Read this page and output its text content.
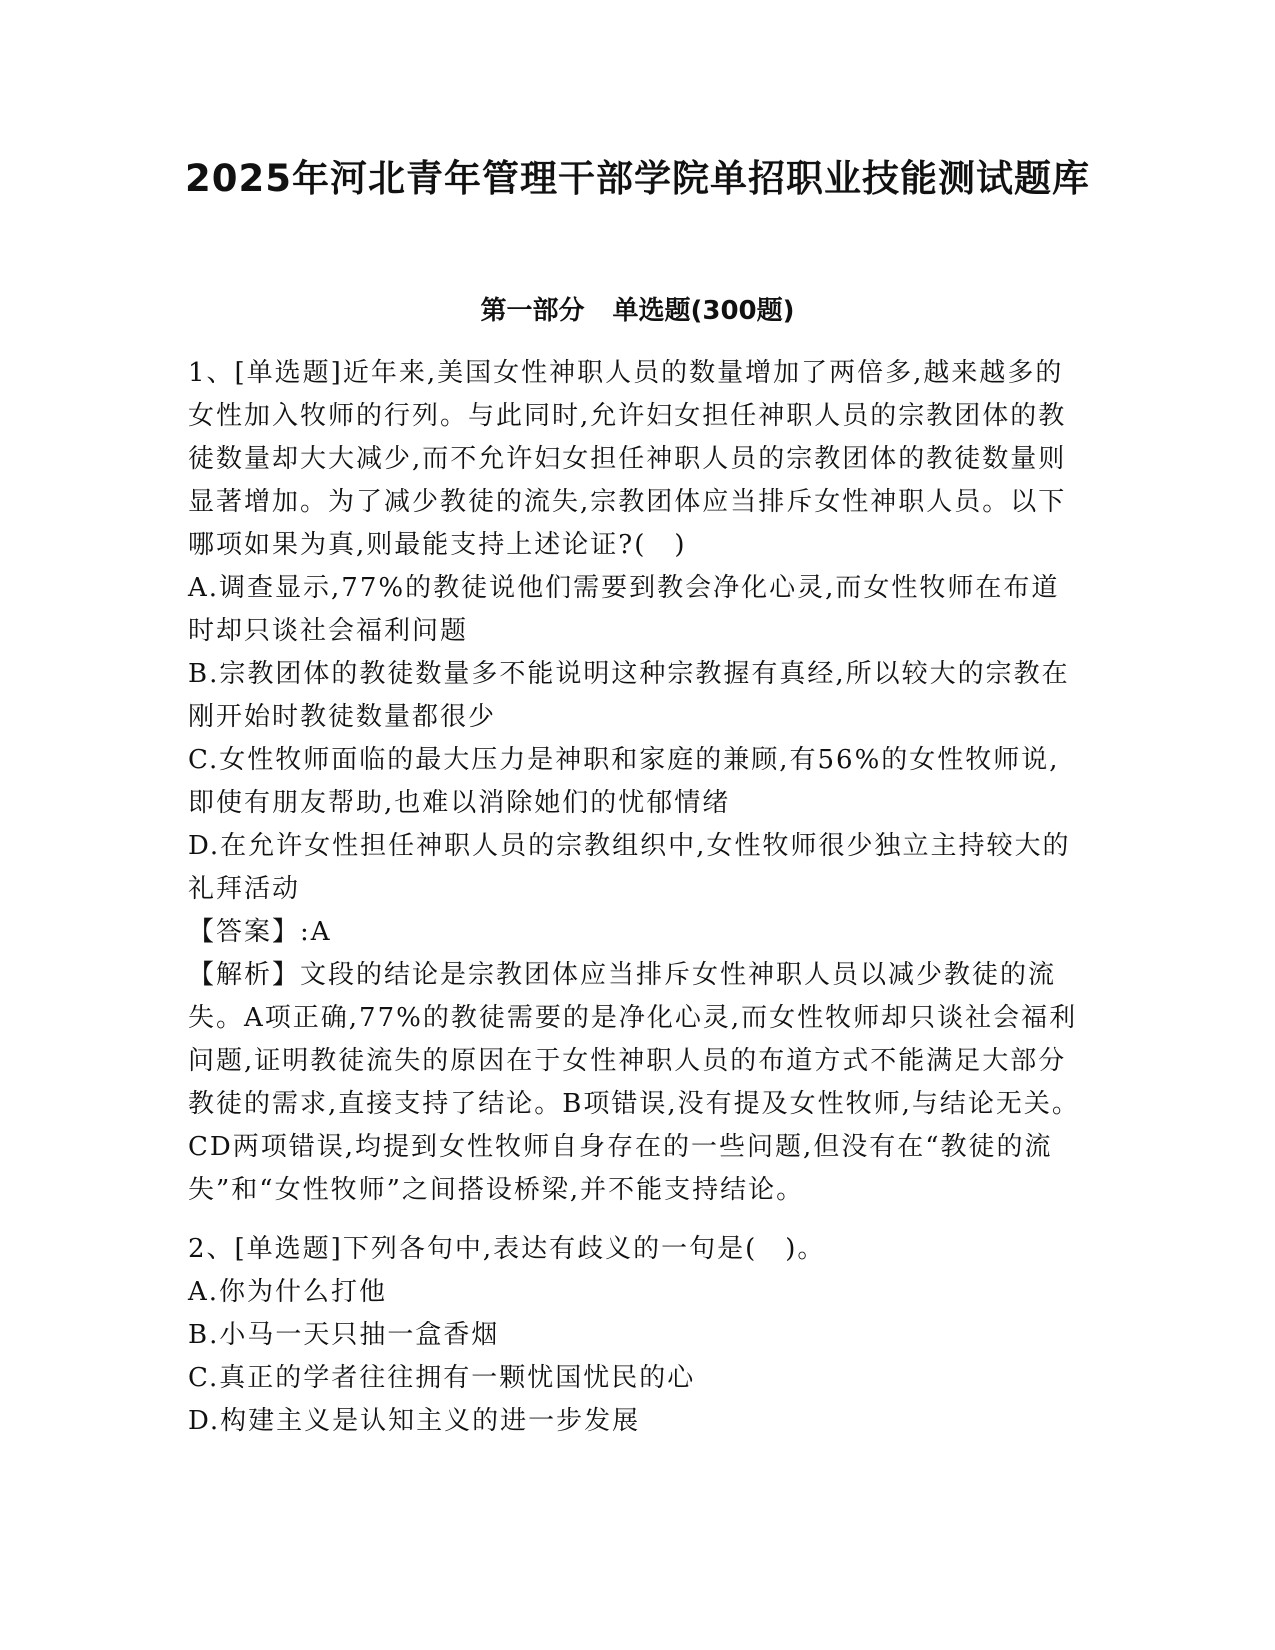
2025年河北青年管理干部学院单招职业技能测试题库
第一部分 单选题(300题)

1、[单选题]近年来,美国女性神职人员的数量增加了两倍多,越来越多的女性加入牧师的行列。与此同时,允许妇女担任神职人员的宗教团体的教徒数量却大大减少,而不允许妇女担任神职人员的宗教团体的教徒数量则显著增加。为了减少教徒的流失,宗教团体应当排斥女性神职人员。以下哪项如果为真,则最能支持上述论证?(　)

A.调查显示,77%的教徒说他们需要到教会净化心灵,而女性牧师在布道时却只谈社会福利问题

B.宗教团体的教徒数量多不能说明这种宗教握有真经,所以较大的宗教在刚开始时教徒数量都很少

C.女性牧师面临的最大压力是神职和家庭的兼顾,有56%的女性牧师说,即使有朋友帮助,也难以消除她们的忧郁情绪

D.在允许女性担任神职人员的宗教组织中,女性牧师很少独立主持较大的礼拜活动

【答案】:A

【解析】文段的结论是宗教团体应当排斥女性神职人员以减少教徒的流失。A项正确,77%的教徒需要的是净化心灵,而女性牧师却只谈社会福利问题,证明教徒流失的原因在于女性神职人员的布道方式不能满足大部分教徒的需求,直接支持了结论。B项错误,没有提及女性牧师,与结论无关。CD两项错误,均提到女性牧师自身存在的一些问题,但没有在“教徒的流失”和“女性牧师”之间搭设桥梁,并不能支持结论。

2、[单选题]下列各句中,表达有歧义的一句是(　)。

A.你为什么打他

B.小马一天只抽一盒香烟

C.真正的学者往往拥有一颗忧国忧民的心

D.构建主义是认知主义的进一步发展
